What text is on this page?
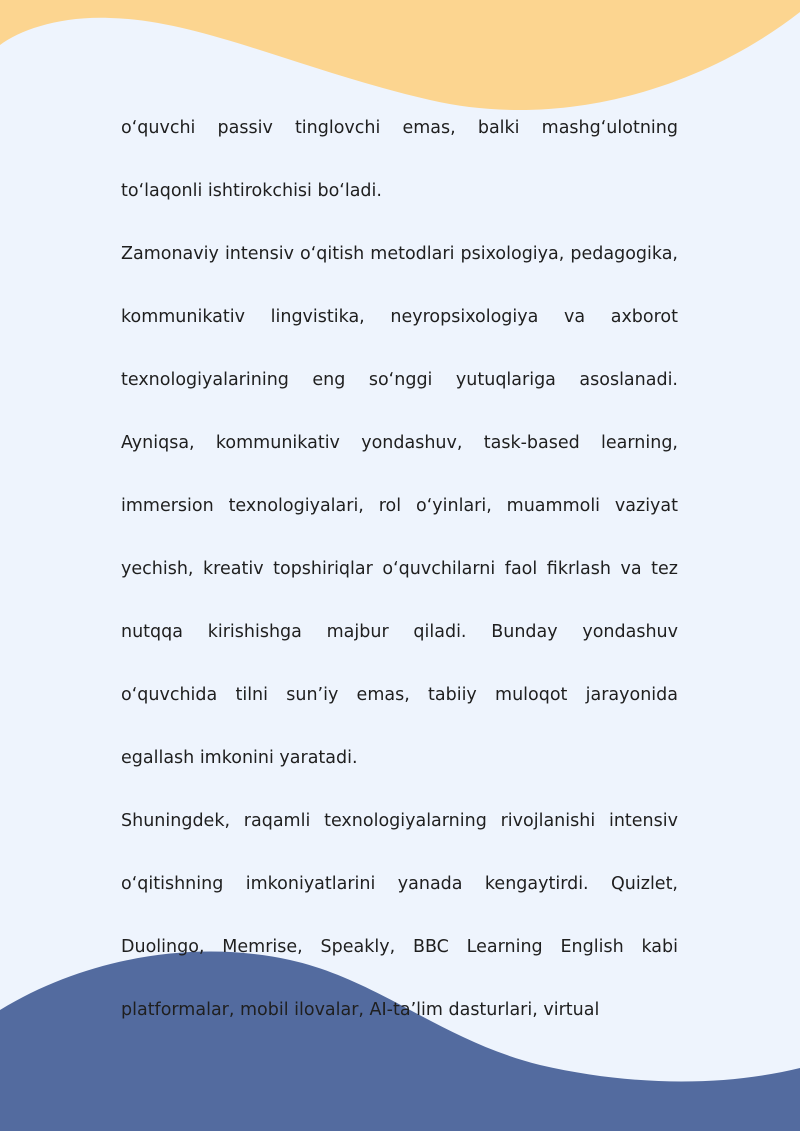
o‘quvchi passiv tinglovchi emas, balki mashg‘ulotning to‘laqonli ishtirokchisi bo‘ladi.

Zamonaviy intensiv o‘qitish metodlari psixologiya, pedagogika, kommunikativ lingvistika, neyropsixologiya va axborot texnologiyalarining eng so‘nggi yutuqlariga asoslanadi. Ayniqsa, kommunikativ yondashuv, task-based learning, immersion texnologiyalari, rol o‘yinlari, muammoli vaziyat yechish, kreativ topshiriqlar o‘quvchilarni faol fikrlash va tez nutqqa kirishishga majbur qiladi. Bunday yondashuv o‘quvchida tilni sun’iy emas, tabiiy muloqot jarayonida egallash imkonini yaratadi.

Shuningdek, raqamli texnologiyalarning rivojlanishi intensiv o‘qitishning imkoniyatlarini yanada kengaytirdi. Quizlet, Duolingo, Memrise, Speakly, BBC Learning English kabi platformalar, mobil ilovalar, AI-ta’lim dasturlari, virtual
